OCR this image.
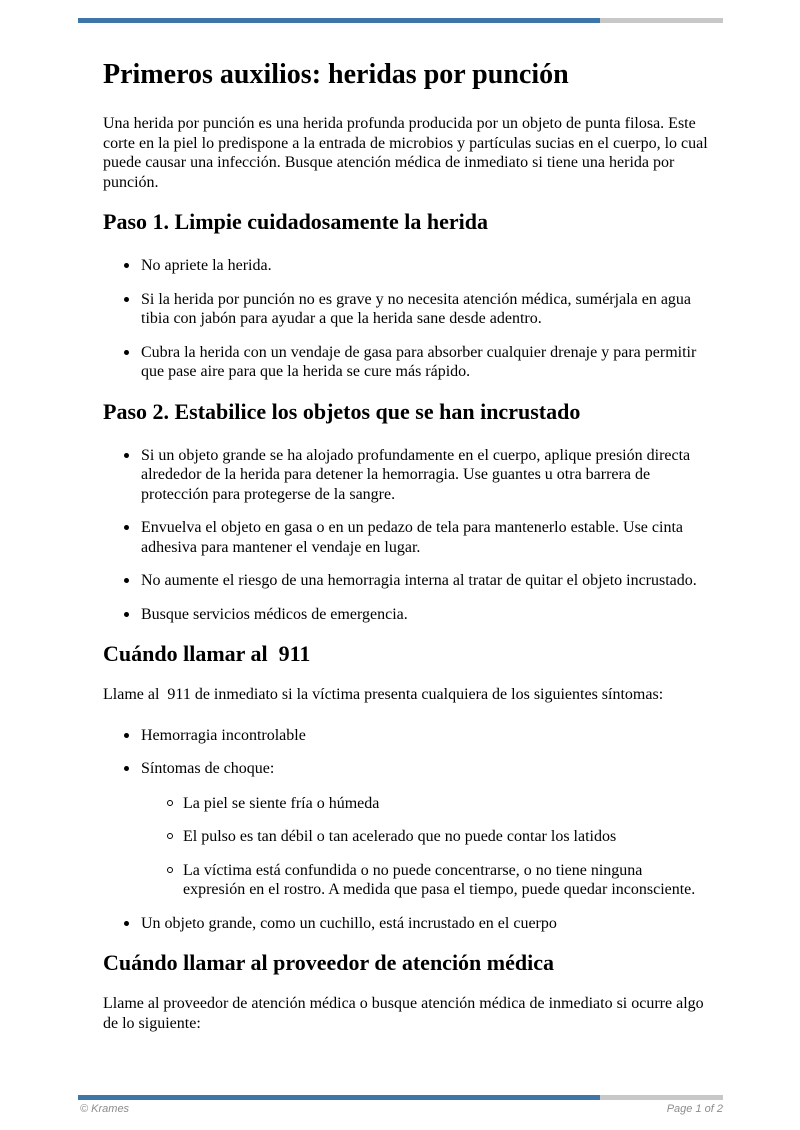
Primeros auxilios: heridas por punción

Una herida por punción es una herida profunda producida por un objeto de punta filosa. Este corte en la piel lo predispone a la entrada de microbios y partículas sucias en el cuerpo, lo cual puede causar una infección. Busque atención médica de inmediato si tiene una herida por punción.

Paso 1. Limpie cuidadosamente la herida
No apriete la herida.
Si la herida por punción no es grave y no necesita atención médica, sumérjala en agua tibia con jabón para ayudar a que la herida sane desde adentro.
Cubra la herida con un vendaje de gasa para absorber cualquier drenaje y para permitir que pase aire para que la herida se cure más rápido.
Paso 2. Estabilice los objetos que se han incrustado
Si un objeto grande se ha alojado profundamente en el cuerpo, aplique presión directa alrededor de la herida para detener la hemorragia. Use guantes u otra barrera de protección para protegerse de la sangre.
Envuelva el objeto en gasa o en un pedazo de tela para mantenerlo estable. Use cinta adhesiva para mantener el vendaje en lugar.
No aumente el riesgo de una hemorragia interna al tratar de quitar el objeto incrustado.
Busque servicios médicos de emergencia.
Cuándo llamar al  911

Llame al  911 de inmediato si la víctima presenta cualquiera de los siguientes síntomas:

Hemorragia incontrolable
Síntomas de choque:
La piel se siente fría o húmeda
El pulso es tan débil o tan acelerado que no puede contar los latidos
La víctima está confundida o no puede concentrarse, o no tiene ninguna expresión en el rostro. A medida que pasa el tiempo, puede quedar inconsciente.
Un objeto grande, como un cuchillo, está incrustado en el cuerpo
Cuándo llamar al proveedor de atención médica

Llame al proveedor de atención médica o busque atención médica de inmediato si ocurre algo de lo siguiente:

© Krames	Page 1 of 2
